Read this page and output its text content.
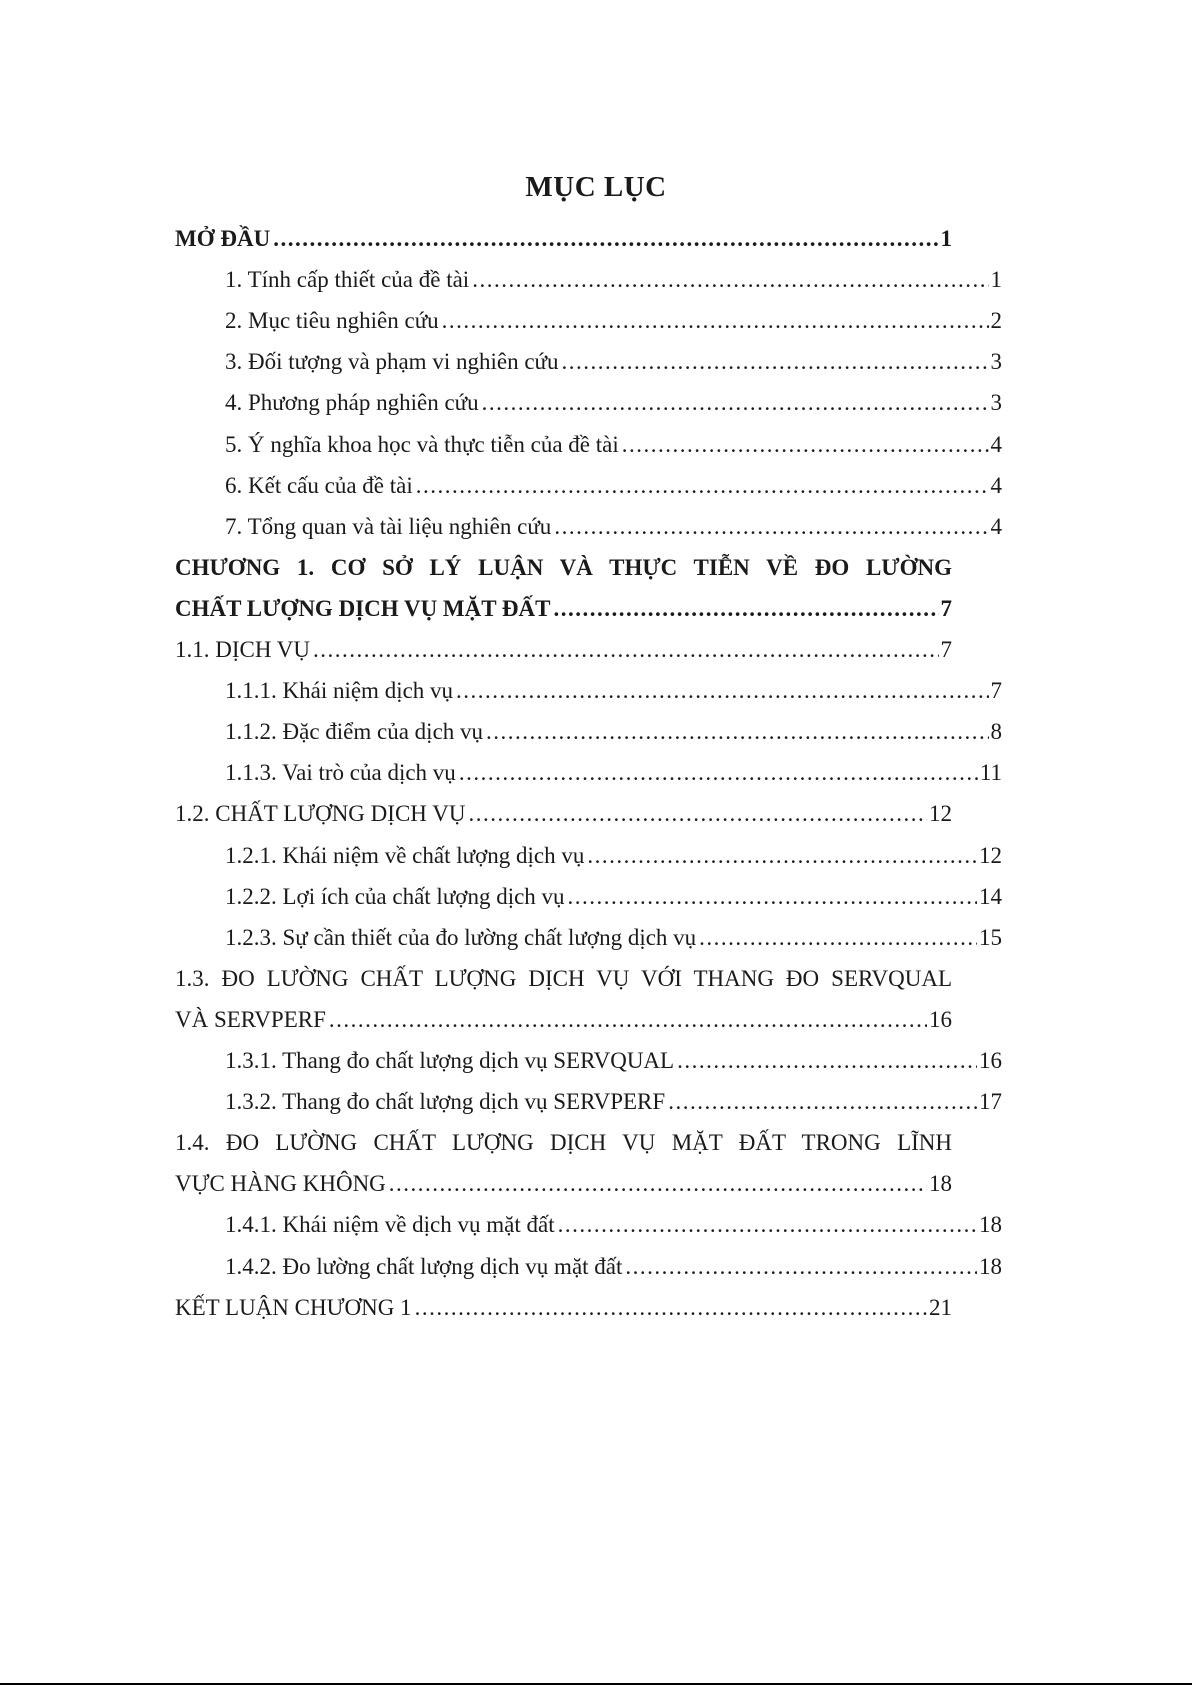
MỤC LỤC
MỞ ĐẦU .....	1
1. Tính cấp thiết của đề tài .....	1
2. Mục tiêu nghiên cứu .....	2
3. Đối tượng và phạm vi nghiên cứu .....	3
4. Phương pháp nghiên cứu .....	3
5. Ý nghĩa khoa học và thực tiễn của đề tài .....	4
6. Kết cấu của đề tài .....	4
7. Tổng quan và tài liệu nghiên cứu .....	4
CHƯƠNG 1. CƠ SỞ LÝ LUẬN VÀ THỰC TIỄN VỀ ĐO LƯỜNG
CHẤT LƯỢNG DỊCH VỤ MẶT ĐẤT .....	7
1.1. DỊCH VỤ .....	7
1.1.1. Khái niệm dịch vụ .....	7
1.1.2. Đặc điểm của dịch vụ .....	8
1.1.3. Vai trò của dịch vụ .....	11
1.2. CHẤT LƯỢNG DỊCH VỤ .....	12
1.2.1. Khái niệm về chất lượng dịch vụ .....	12
1.2.2. Lợi ích của chất lượng dịch vụ .....	14
1.2.3. Sự cần thiết của đo lường chất lượng dịch vụ .....	15
1.3. ĐO LƯỜNG CHẤT LƯỢNG DỊCH VỤ VỚI THANG ĐO SERVQUAL
VÀ SERVPERF .....	16
1.3.1. Thang đo chất lượng dịch vụ SERVQUAL .....	16
1.3.2. Thang đo chất lượng dịch vụ SERVPERF .....	17
1.4. ĐO LƯỜNG CHẤT LƯỢNG DỊCH VỤ MẶT ĐẤT TRONG LĨNH
VỰC HÀNG KHÔNG .....	18
1.4.1. Khái niệm về dịch vụ mặt đất .....	18
1.4.2. Đo lường chất lượng dịch vụ mặt đất .....	18
KẾT LUẬN CHƯƠNG 1 .....	21
